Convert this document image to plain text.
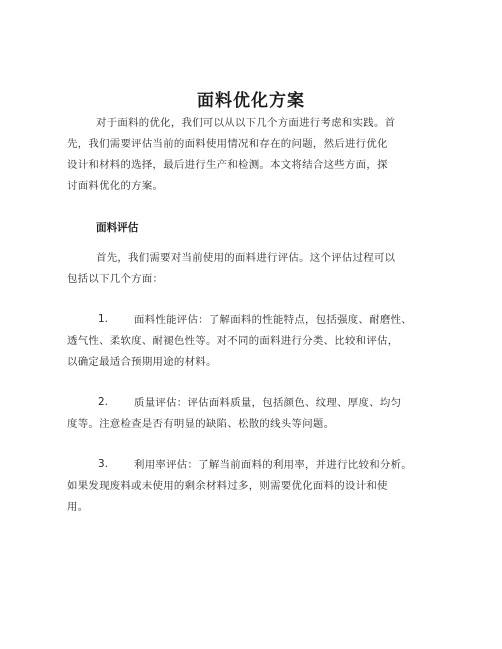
面料优化方案
对于面料的优化，我们可以从以下几个方面进行考虑和实践。首
先，我们需要评估当前的面料使用情况和存在的问题，然后进行优化
设计和材料的选择，最后进行生产和检测。本文将结合这些方面，探
讨面料优化的方案。
面料评估
首先，我们需要对当前使用的面料进行评估。这个评估过程可以
包括以下几个方面：
1.	面料性能评估：了解面料的性能特点，包括强度、耐磨性、
透气性、柔软度、耐褪色性等。对不同的面料进行分类、比较和评估，
以确定最适合预期用途的材料。
2.	质量评估：评估面料质量，包括颜色、纹理、厚度、均匀
度等。注意检查是否有明显的缺陷、松散的线头等问题。
3.	利用率评估：了解当前面料的利用率，并进行比较和分析。
如果发现废料或未使用的剩余材料过多，则需要优化面料的设计和使
用。
